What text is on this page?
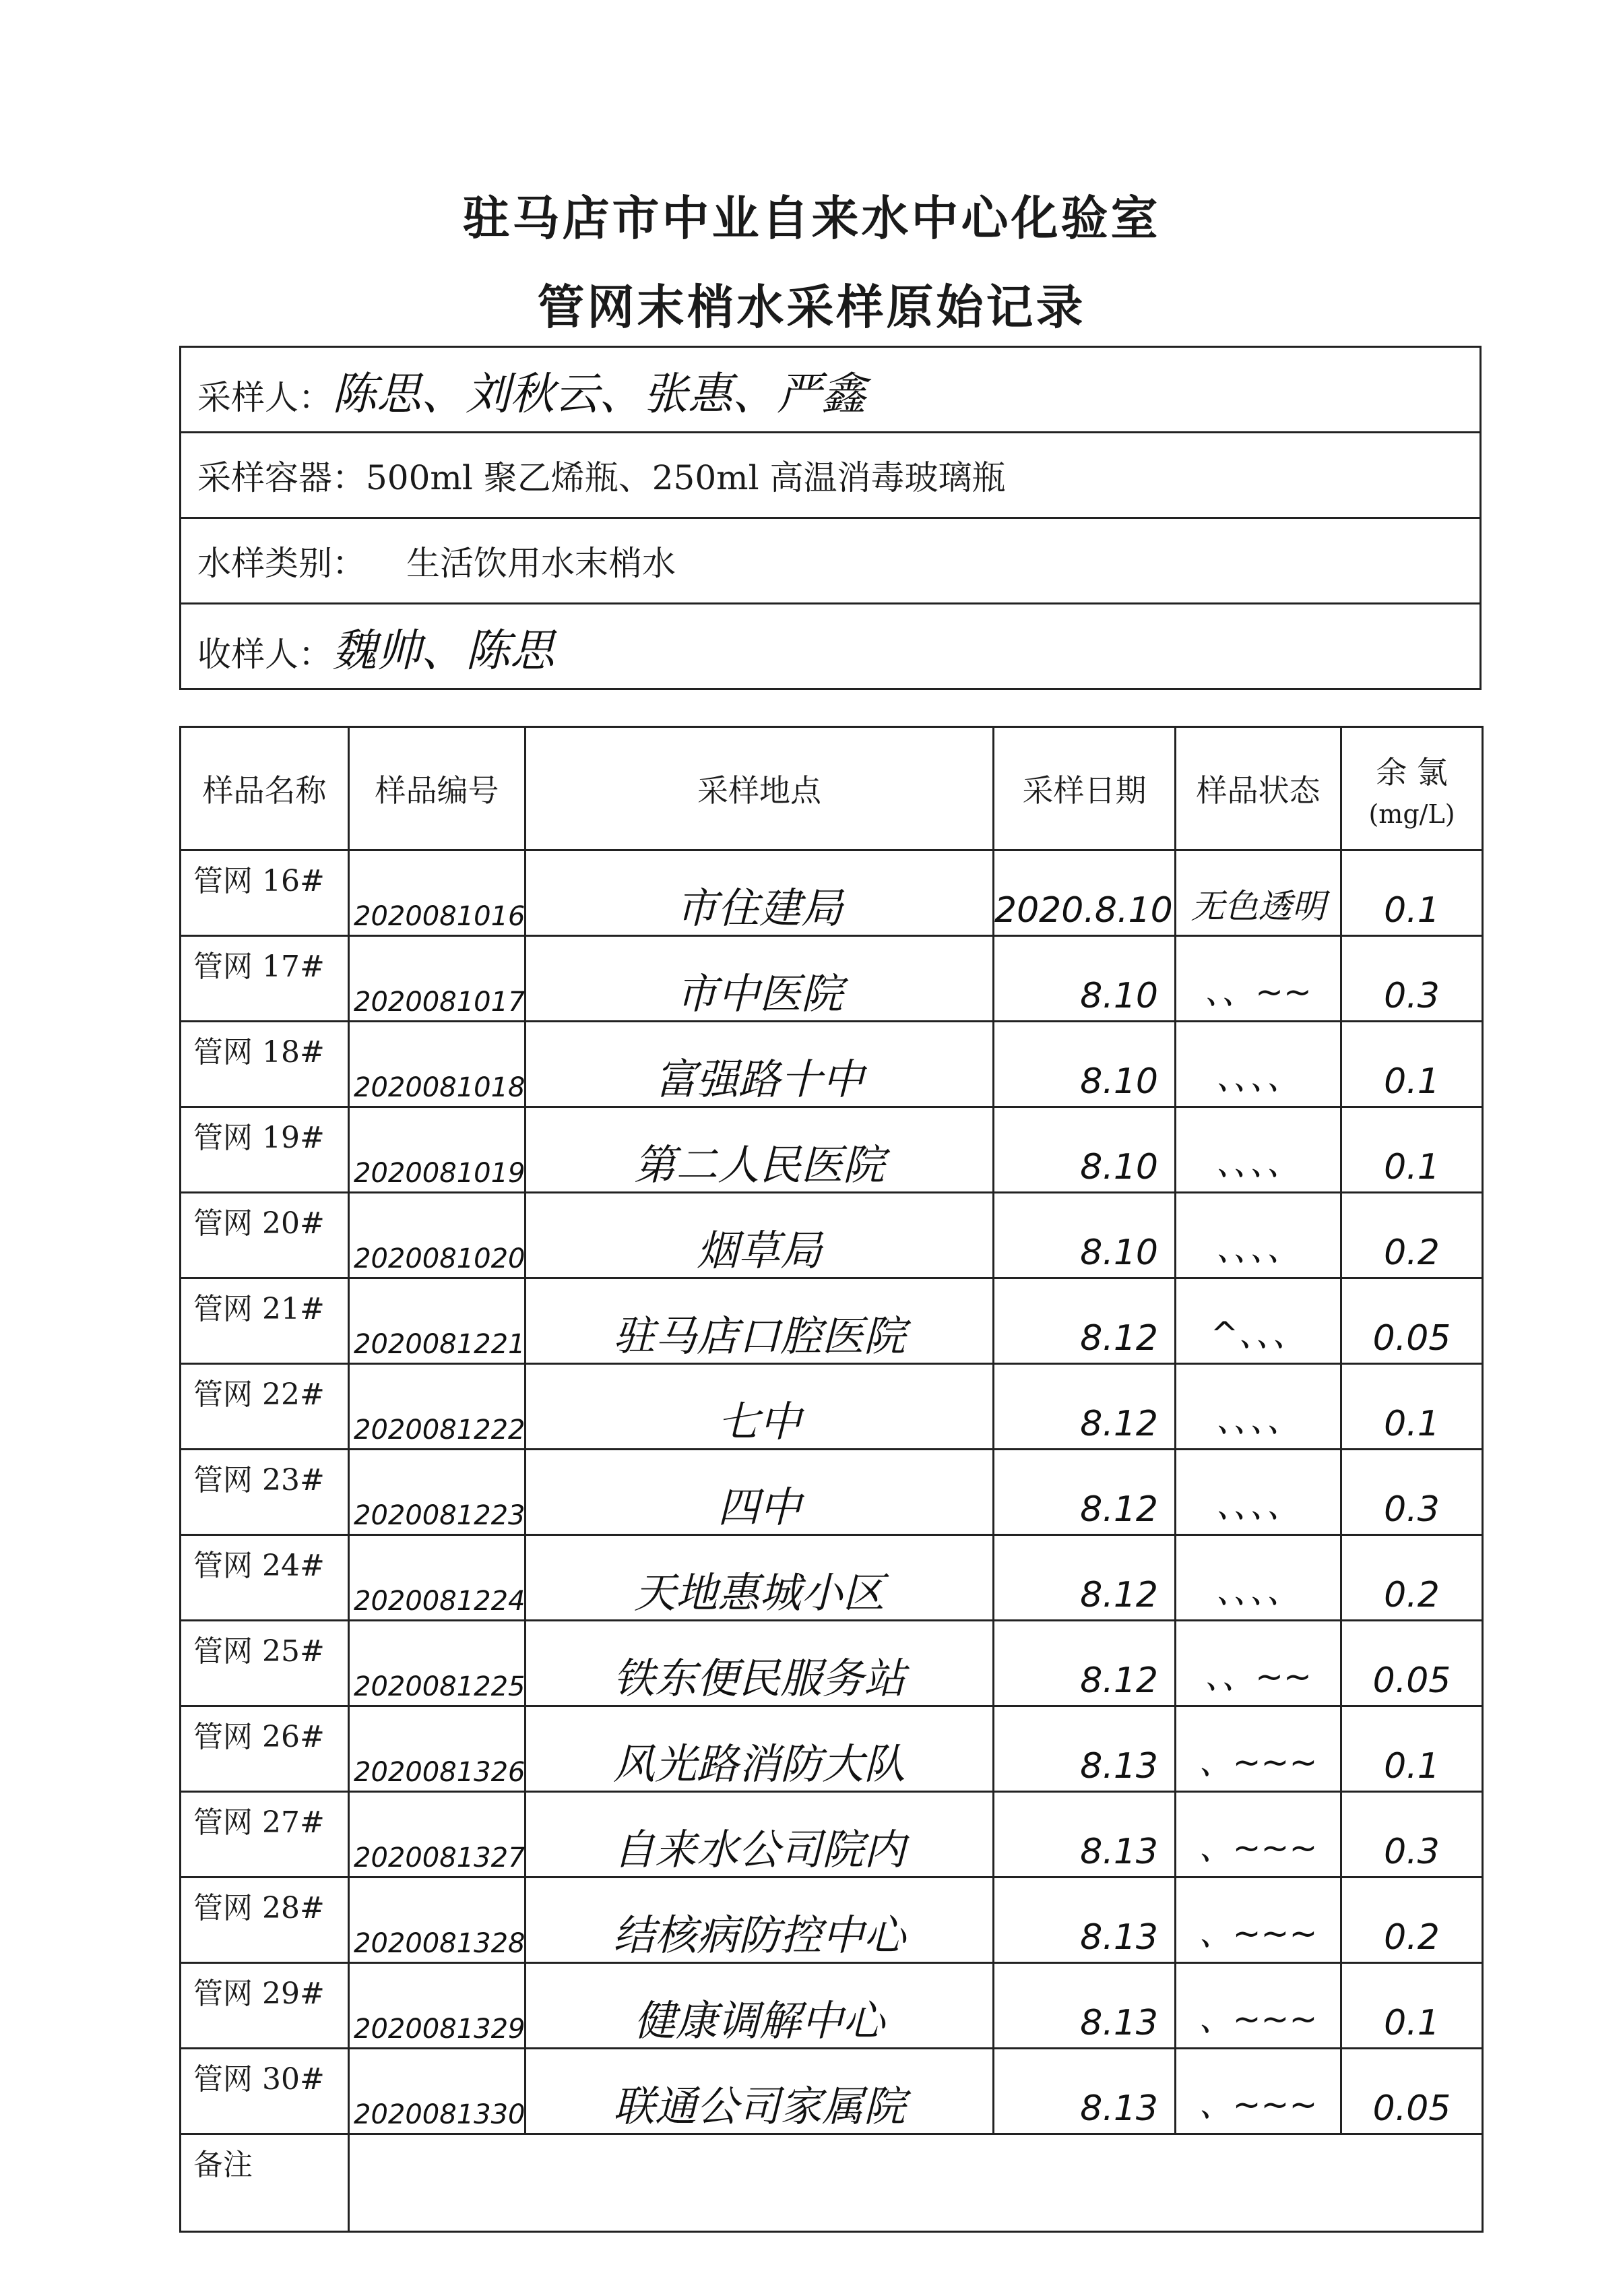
驻马店市中业自来水中心化验室
管网末梢水采样原始记录
采样人：陈思、刘秋云、张惠、严鑫
采样容器：500ml 聚乙烯瓶、250ml 高温消毒玻璃瓶
水样类别： 生活饮用水末梢水
收样人：魏帅、陈思
样品名称	样品编号	采样地点	采样日期	样品状态	余 氯
(mg/L)

管网 16#	2020081016	市住建局	2020.8.10	无色透明	0.1
管网 17#	2020081017	市中医院	8.10	、、~~	0.3
管网 18#	2020081018	富强路十中	8.10	、、、、	0.1
管网 19#	2020081019	第二人民医院	8.10	、、、、	0.1
管网 20#	2020081020	烟草局	8.10	、、、、	0.2
管网 21#	2020081221	驻马店口腔医院	8.12	^、、、	0.05
管网 22#	2020081222	七中	8.12	、、、、	0.1
管网 23#	2020081223	四中	8.12	、、、、	0.3
管网 24#	2020081224	天地惠城小区	8.12	、、、、	0.2
管网 25#	2020081225	铁东便民服务站	8.12	、、~~	0.05
管网 26#	2020081326	风光路消防大队	8.13	、~~~	0.1
管网 27#	2020081327	自来水公司院内	8.13	、~~~	0.3
管网 28#	2020081328	结核病防控中心	8.13	、~~~	0.2
管网 29#	2020081329	健康调解中心	8.13	、~~~	0.1
管网 30#	2020081330	联通公司家属院	8.13	、~~~	0.05
备注					
